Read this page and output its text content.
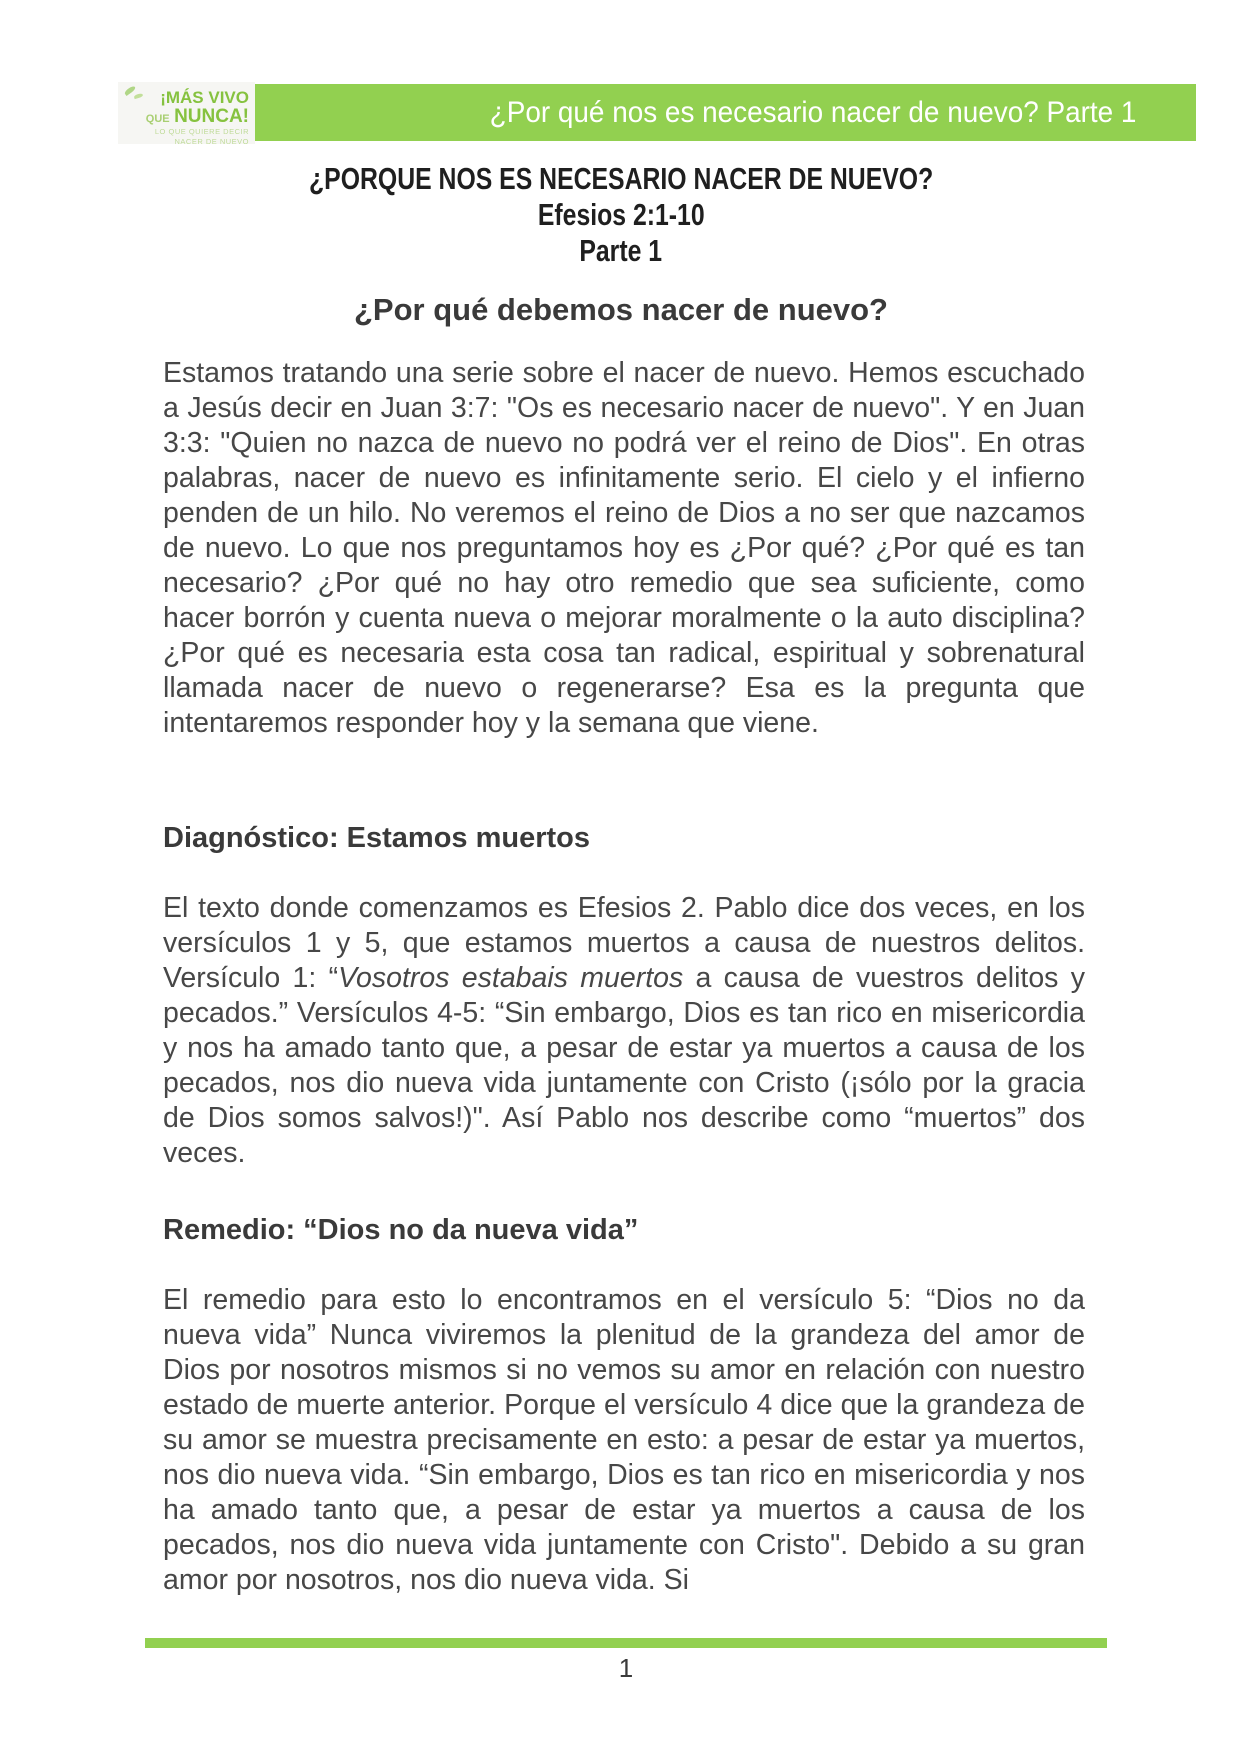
¡MÁS VIVO
QUE NUNCA!
LO QUE QUIERE DECIR
NACER DE NUEVO
¿Por qué nos es necesario nacer de nuevo? Parte 1
¿PORQUE NOS ES NECESARIO NACER DE NUEVO?
Efesios 2:1-10
Parte 1
¿Por qué debemos nacer de nuevo?

Estamos tratando una serie sobre el nacer de nuevo. Hemos escuchado a Jesús decir en Juan 3:7: "Os es necesario nacer de nuevo". Y en Juan 3:3: "Quien no nazca de nuevo no podrá ver el reino de Dios". En otras palabras, nacer de nuevo es infinitamente serio. El cielo y el infierno penden de un hilo. No veremos el reino de Dios a no ser que nazcamos de nuevo. Lo que nos preguntamos hoy es ¿Por qué? ¿Por qué es tan necesario? ¿Por qué no hay otro remedio que sea suficiente, como hacer borrón y cuenta nueva o mejorar moralmente o la auto disciplina? ¿Por qué es necesaria esta cosa tan radical, espiritual y sobrenatural llamada nacer de nuevo o regenerarse? Esa es la pregunta que intentaremos responder hoy y la semana que viene.

Diagnóstico: Estamos muertos

El texto donde comenzamos es Efesios 2. Pablo dice dos veces, en los versículos 1 y 5, que estamos muertos a causa de nuestros delitos. Versículo 1: “Vosotros estabais muertos a causa de vuestros delitos y pecados.” Versículos 4-5: “Sin embargo, Dios es tan rico en misericordia y nos ha amado tanto que, a pesar de estar ya muertos a causa de los pecados, nos dio nueva vida juntamente con Cristo (¡sólo por la gracia de Dios somos salvos!)". Así Pablo nos describe como “muertos” dos veces.

Remedio: “Dios no da nueva vida”

El remedio para esto lo encontramos en el versículo 5: “Dios no da nueva vida” Nunca viviremos la plenitud de la grandeza del amor de Dios por nosotros mismos si no vemos su amor en relación con nuestro estado de muerte anterior. Porque el versículo 4 dice que la grandeza de su amor se muestra precisamente en esto: a pesar de estar ya muertos, nos dio nueva vida. “Sin embargo, Dios es tan rico en misericordia y nos ha amado tanto que, a pesar de estar ya muertos a causa de los pecados, nos dio nueva vida juntamente con Cristo". Debido a su gran amor por nosotros, nos dio nueva vida. Si

1
